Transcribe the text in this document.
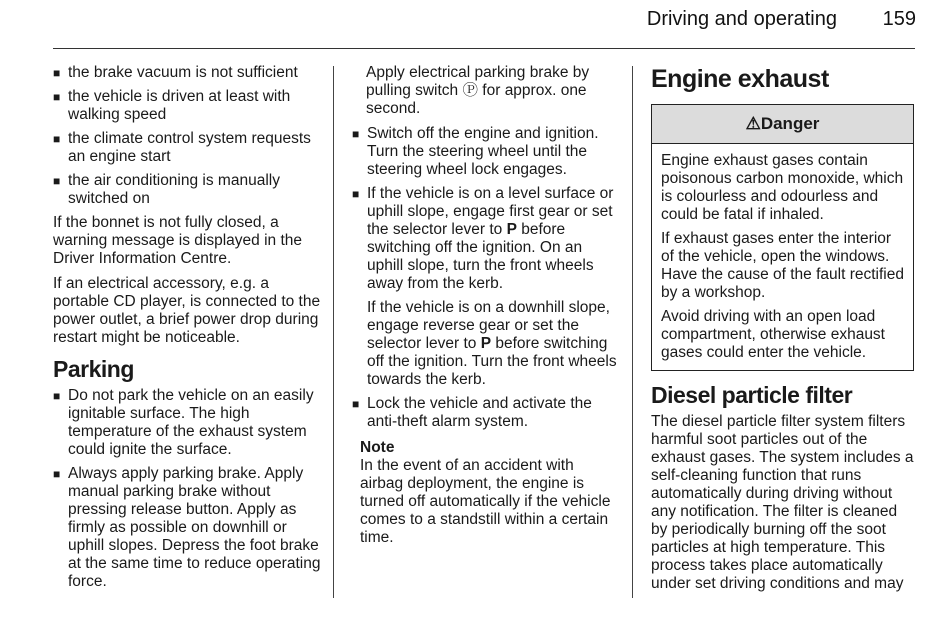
Driving and operating 159
■ the brake vacuum is not sufficient
■ the vehicle is driven at least with walking speed
■ the climate control system requests an engine start
■ the air conditioning is manually switched on

If the bonnet is not fully closed, a warning message is displayed in the Driver Information Centre.

If an electrical accessory, e.g. a portable CD player, is connected to the power outlet, a brief power drop during restart might be noticeable.

Parking
■ Do not park the vehicle on an easily ignitable surface. The high temperature of the exhaust system could ignite the surface.
■ Always apply parking brake. Apply manual parking brake without pressing release button. Apply as firmly as possible on downhill or uphill slopes. Depress the foot brake at the same time to reduce operating force.

Apply electrical parking brake by pulling switch Ⓟ for approx. one second.

■ Switch off the engine and ignition. Turn the steering wheel until the steering wheel lock engages.
■ If the vehicle is on a level surface or uphill slope, engage first gear or set the selector lever to P before switching off the ignition. On an uphill slope, turn the front wheels away from the kerb.
If the vehicle is on a downhill slope, engage reverse gear or set the selector lever to P before switching off the ignition. Turn the front wheels towards the kerb.
■ Lock the vehicle and activate the anti-theft alarm system.
Note

In the event of an accident with airbag deployment, the engine is turned off automatically if the vehicle comes to a standstill within a certain time.

Engine exhaust
⚠Danger

Engine exhaust gases contain poisonous carbon monoxide, which is colourless and odourless and could be fatal if inhaled.

If exhaust gases enter the interior of the vehicle, open the windows. Have the cause of the fault rectified by a workshop.

Avoid driving with an open load compartment, otherwise exhaust gases could enter the vehicle.

Diesel particle filter

The diesel particle filter system filters harmful soot particles out of the exhaust gases. The system includes a self-cleaning function that runs automatically during driving without any notification. The filter is cleaned by periodically burning off the soot particles at high temperature. This process takes place automatically under set driving conditions and may
